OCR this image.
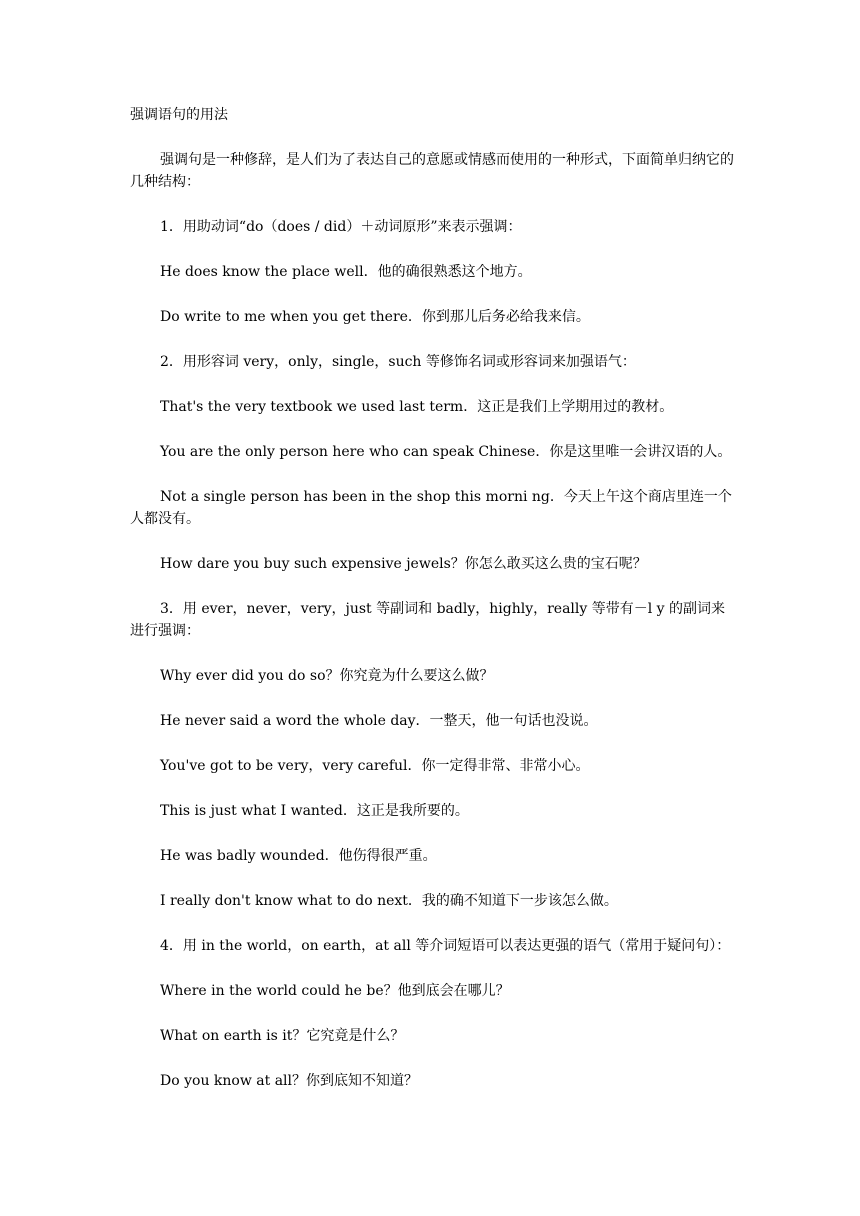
强调语句的用法

强调句是一种修辞，是人们为了表达自己的意愿或情感而使用的一种形式，下面简单归纳它的几种结构：

1．用助动词“do（does / did）＋动词原形”来表示强调：

He does know the place well．他的确很熟悉这个地方。

Do write to me when you get there．你到那儿后务必给我来信。

2．用形容词 very，only，single，such 等修饰名词或形容词来加强语气：

That's the very textbook we used last term．这正是我们上学期用过的教材。

You are the only person here who can speak Chinese．你是这里唯一会讲汉语的人。

Not a single person has been in the shop this morni ng．今天上午这个商店里连一个人都没有。

How dare you buy such expensive jewels？你怎么敢买这么贵的宝石呢？

3．用 ever，never，very，just 等副词和 badly，highly，really 等带有－l y 的副词来进行强调：

Why ever did you do so？你究竟为什么要这么做？

He never said a word the whole day．一整天，他一句话也没说。

You've got to be very，very careful．你一定得非常、非常小心。

This is just what I wanted．这正是我所要的。

He was badly wounded．他伤得很严重。

I really don't know what to do next．我的确不知道下一步该怎么做。

4．用 in the world，on earth，at all 等介词短语可以表达更强的语气（常用于疑问句）：

Where in the world could he be？他到底会在哪儿？

What on earth is it？它究竟是什么？

Do you know at all？你到底知不知道？
